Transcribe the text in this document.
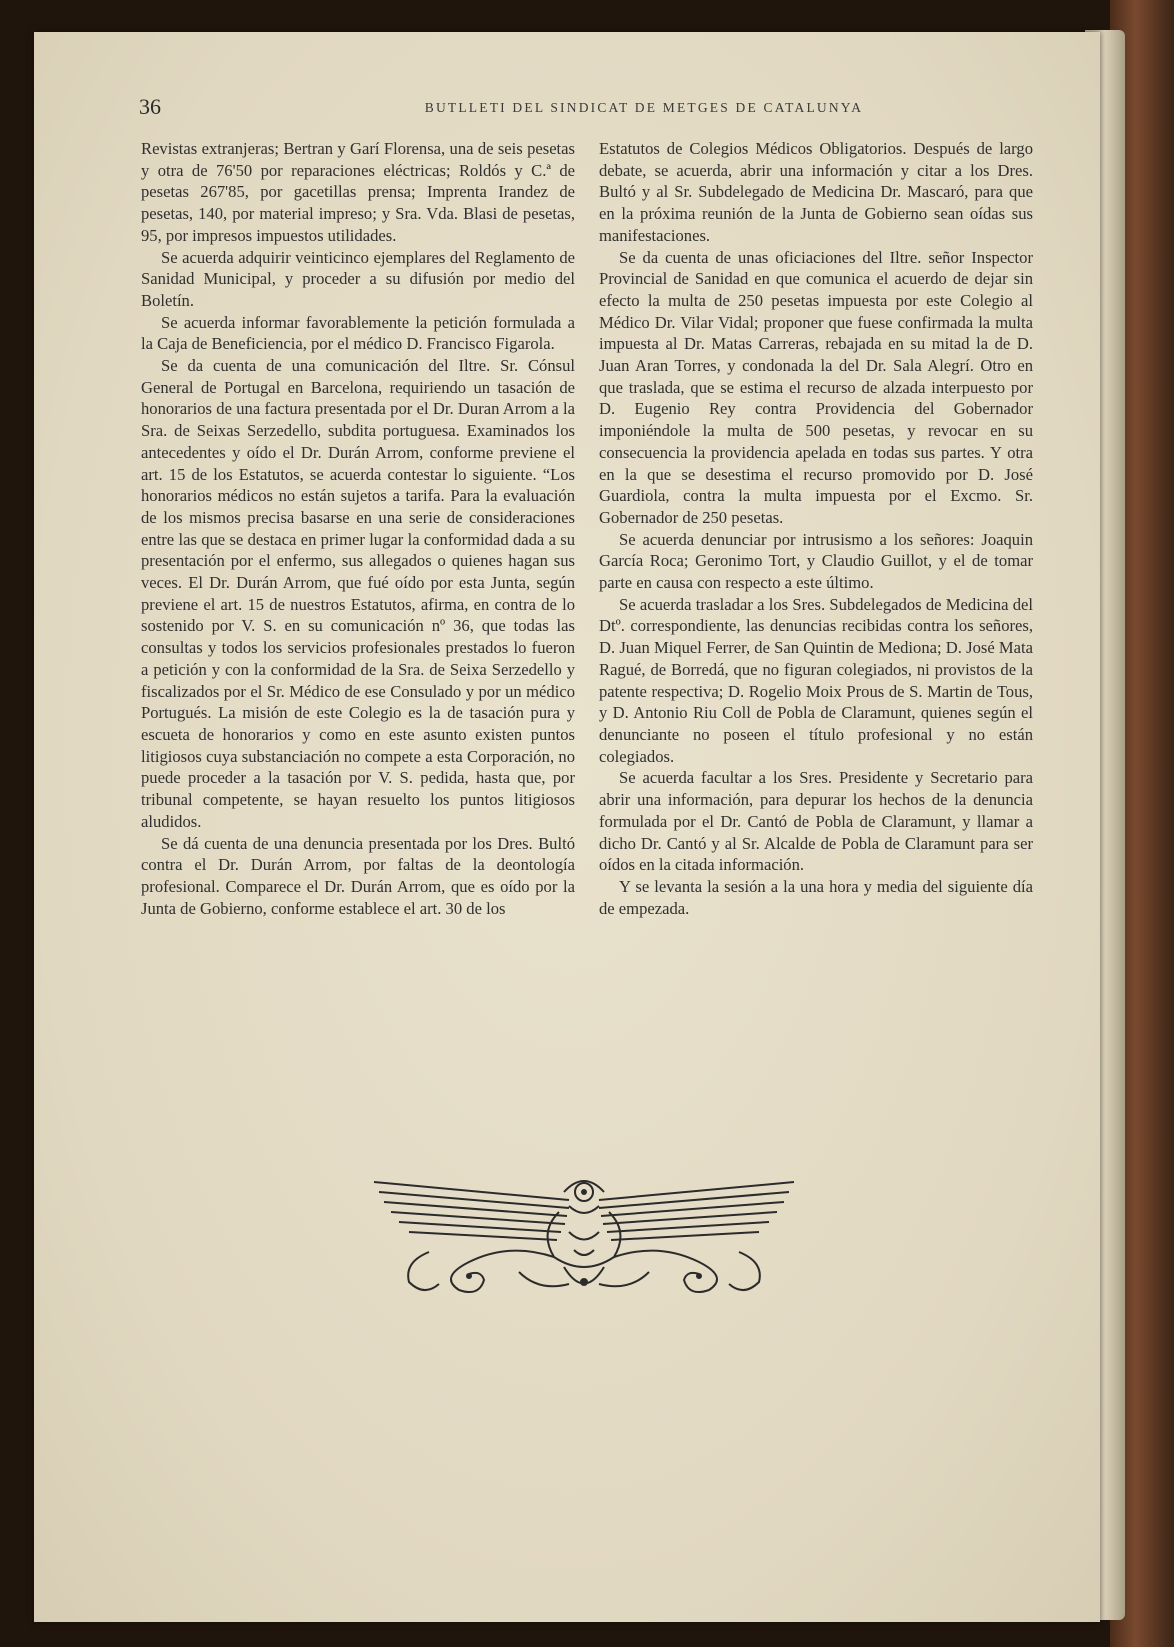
36	BUTLLETI DEL SINDICAT DE METGES DE CATALUNYA

Revistas extranjeras; Bertran y Garí Florensa, una de seis pesetas y otra de 76'50 por reparaciones eléctricas; Roldós y C.ª de pesetas 267'85, por gacetillas prensa; Imprenta Irandez de pesetas, 140, por material impreso; y Sra. Vda. Blasi de pesetas, 95, por impresos impuestos utilidades.

Se acuerda adquirir veinticinco ejemplares del Reglamento de Sanidad Municipal, y proceder a su difusión por medio del Boletín.

Se acuerda informar favorablemente la petición formulada a la Caja de Beneficiencia, por el médico D. Francisco Figarola.

Se da cuenta de una comunicación del Iltre. Sr. Cónsul General de Portugal en Barcelona, requiriendo un tasación de honorarios de una factura presentada por el Dr. Duran Arrom a la Sra. de Seixas Serzedello, subdita portuguesa. Examinados los antecedentes y oído el Dr. Durán Arrom, conforme previene el art. 15 de los Estatutos, se acuerda contestar lo siguiente. “Los honorarios médicos no están sujetos a tarifa. Para la evaluación de los mismos precisa basarse en una serie de consideraciones entre las que se destaca en primer lugar la conformidad dada a su presentación por el enfermo, sus allegados o quienes hagan sus veces. El Dr. Durán Arrom, que fué oído por esta Junta, según previene el art. 15 de nuestros Estatutos, afirma, en contra de lo sostenido por V. S. en su comunicación nº 36, que todas las consultas y todos los servicios profesionales prestados lo fueron a petición y con la conformidad de la Sra. de Seixa Serzedello y fiscalizados por el Sr. Médico de ese Consulado y por un médico Portugués. La misión de este Colegio es la de tasación pura y escueta de honorarios y como en este asunto existen puntos litigiosos cuya substanciación no compete a esta Corporación, no puede proceder a la tasación por V. S. pedida, hasta que, por tribunal competente, se hayan resuelto los puntos litigiosos aludidos.

Se dá cuenta de una denuncia presentada por los Dres. Bultó contra el Dr. Durán Arrom, por faltas de la deontología profesional. Comparece el Dr. Durán Arrom, que es oído por la Junta de Gobierno, conforme establece el art. 30 de los

Estatutos de Colegios Médicos Obligatorios. Después de largo debate, se acuerda, abrir una información y citar a los Dres. Bultó y al Sr. Subdelegado de Medicina Dr. Mascaró, para que en la próxima reunión de la Junta de Gobierno sean oídas sus manifestaciones.

Se da cuenta de unas oficiaciones del Iltre. señor Inspector Provincial de Sanidad en que comunica el acuerdo de dejar sin efecto la multa de 250 pesetas impuesta por este Colegio al Médico Dr. Vilar Vidal; proponer que fuese confirmada la multa impuesta al Dr. Matas Carreras, rebajada en su mitad la de D. Juan Aran Torres, y condonada la del Dr. Sala Alegrí. Otro en que traslada, que se estima el recurso de alzada interpuesto por D. Eugenio Rey contra Providencia del Gobernador imponiéndole la multa de 500 pesetas, y revocar en su consecuencia la providencia apelada en todas sus partes. Y otra en la que se desestima el recurso promovido por D. José Guardiola, contra la multa impuesta por el Excmo. Sr. Gobernador de 250 pesetas.

Se acuerda denunciar por intrusismo a los señores: Joaquin García Roca; Geronimo Tort, y Claudio Guillot, y el de tomar parte en causa con respecto a este último.

Se acuerda trasladar a los Sres. Subdelegados de Medicina del Dtº. correspondiente, las denuncias recibidas contra los señores, D. Juan Miquel Ferrer, de San Quintin de Mediona; D. José Mata Ragué, de Borredá, que no figuran colegiados, ni provistos de la patente respectiva; D. Rogelio Moix Prous de S. Martin de Tous, y D. Antonio Riu Coll de Pobla de Claramunt, quienes según el denunciante no poseen el título profesional y no están colegiados.

Se acuerda facultar a los Sres. Presidente y Secretario para abrir una información, para depurar los hechos de la denuncia formulada por el Dr. Cantó de Pobla de Claramunt, y llamar a dicho Dr. Cantó y al Sr. Alcalde de Pobla de Claramunt para ser oídos en la citada información.

Y se levanta la sesión a la una hora y media del siguiente día de empezada.
